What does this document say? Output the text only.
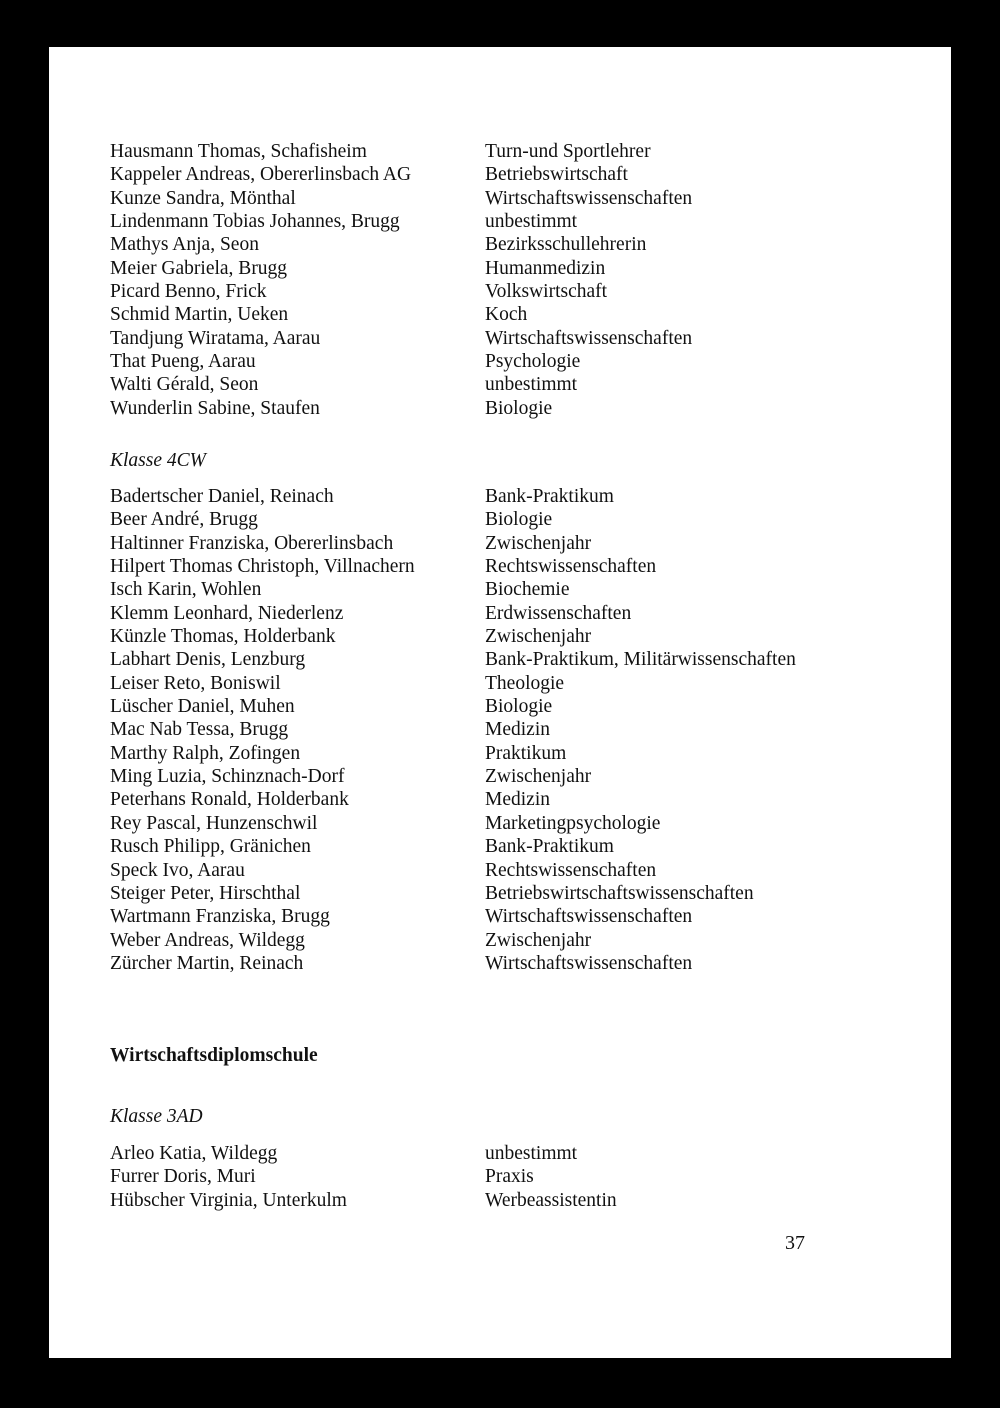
Hausmann Thomas, Schafisheim	Turn-und Sportlehrer
Kappeler Andreas, Obererlinsbach AG	Betriebswirtschaft
Kunze Sandra, Mönthal	Wirtschaftswissenschaften
Lindenmann Tobias Johannes, Brugg	unbestimmt
Mathys Anja, Seon	Bezirksschullehrerin
Meier Gabriela, Brugg	Humanmedizin
Picard Benno, Frick	Volkswirtschaft
Schmid Martin, Ueken	Koch
Tandjung Wiratama, Aarau	Wirtschaftswissenschaften
That Pueng, Aarau	Psychologie
Walti Gérald, Seon	unbestimmt
Wunderlin Sabine, Staufen	Biologie
Klasse 4CW
Badertscher Daniel, Reinach	Bank-Praktikum
Beer André, Brugg	Biologie
Haltinner Franziska, Obererlinsbach	Zwischenjahr
Hilpert Thomas Christoph, Villnachern	Rechtswissenschaften
Isch Karin, Wohlen	Biochemie
Klemm Leonhard, Niederlenz	Erdwissenschaften
Künzle Thomas, Holderbank	Zwischenjahr
Labhart Denis, Lenzburg	Bank-Praktikum, Militärwissenschaften
Leiser Reto, Boniswil	Theologie
Lüscher Daniel, Muhen	Biologie
Mac Nab Tessa, Brugg	Medizin
Marthy Ralph, Zofingen	Praktikum
Ming Luzia, Schinznach-Dorf	Zwischenjahr
Peterhans Ronald, Holderbank	Medizin
Rey Pascal, Hunzenschwil	Marketingpsychologie
Rusch Philipp, Gränichen	Bank-Praktikum
Speck Ivo, Aarau	Rechtswissenschaften
Steiger Peter, Hirschthal	Betriebswirtschaftswissenschaften
Wartmann Franziska, Brugg	Wirtschaftswissenschaften
Weber Andreas, Wildegg	Zwischenjahr
Zürcher Martin, Reinach	Wirtschaftswissenschaften
Wirtschaftsdiplomschule
Klasse 3AD
Arleo Katia, Wildegg	unbestimmt
Furrer Doris, Muri	Praxis
Hübscher Virginia, Unterkulm	Werbeassistentin
37
